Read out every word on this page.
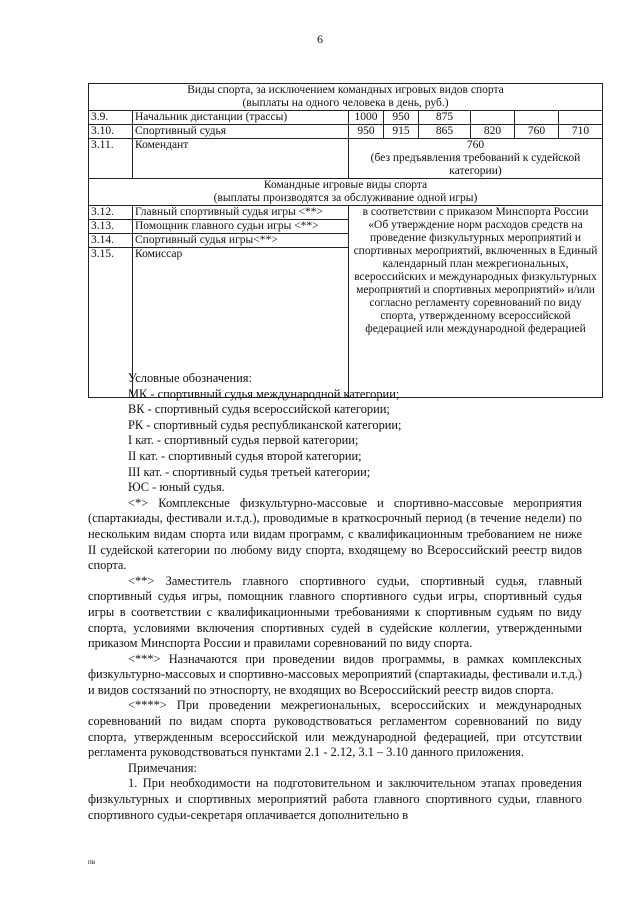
6
Виды спорта, за исключением командных игровых видов спорта
(выплаты на одного человека в день, руб.)							

3.9.	Начальник дистанции (трассы)	1000	950	875			
3.10.	Спортивный судья	950	915	865	820	760	710
3.11.	Комендант	760
(без предъявления требований к судейской
категории)					

Командные игровые виды спорта
(выплаты производятся за обслуживание одной игры)							

3.12.	Главный спортивный судья игры <**>	в соответствии с приказом Минспорта России «Об утверждение норм расходов средств на проведение физкультурных мероприятий и спортивных мероприятий, включенных в Единый календарный план межрегиональных, всероссийских и международных физкультурных мероприятий и спортивных мероприятий» и/или согласно регламенту соревнований по виду спорта, утвержденному всероссийской федерацией или международной федерацией					
3.13.	Помощник главного судьи игры <**>						
3.14.	Спортивный судья игры<**>						
3.15.	Комиссар						

Условные обозначения:

МК - спортивный судья международной категории;

ВК - спортивный судья всероссийской категории;

РК - спортивный судья республиканской категории;

I кат. - спортивный судья первой категории;

II кат. - спортивный судья второй категории;

III кат. - спортивный судья третьей категории;

ЮС - юный судья.

<*> Комплексные физкультурно-массовые и спортивно-массовые мероприятия (спартакиады, фестивали и.т.д.), проводимые в краткосрочный период (в течение недели) по нескольким видам спорта или видам программ, с квалификационным требованием не ниже II судейской категории по любому виду спорта, входящему во Всероссийский реестр видов спорта.

<**> Заместитель главного спортивного судьи, спортивный судья, главный спортивный судья игры, помощник главного спортивного судьи игры, спортивный судья игры в соответствии с квалификационными требованиями к спортивным судьям по виду спорта, условиями включения спортивных судей в судейские коллегии, утвержденными приказом Минспорта России и правилами соревнований по виду спорта.

<***> Назначаются при проведении видов программы, в рамках комплексных физкультурно-массовых и спортивно-массовых мероприятий (спартакиады, фестивали и.т.д.) и видов состязаний по этноспорту, не входящих во Всероссийский реестр видов спорта.

<****> При проведении межрегиональных, всероссийских и международных соревнований по видам спорта руководствоваться регламентом соревнований по виду спорта, утвержденным всероссийской или международной федерацией, при отсутствии регламента руководствоваться пунктами 2.1 - 2.12, 3.1 – 3.10 данного приложения.

Примечания:

1. При необходимости на подготовительном и заключительном этапах проведения физкультурных и спортивных мероприятий работа главного спортивного судьи, главного спортивного судьи-секретаря оплачивается дополнительно в

пв
